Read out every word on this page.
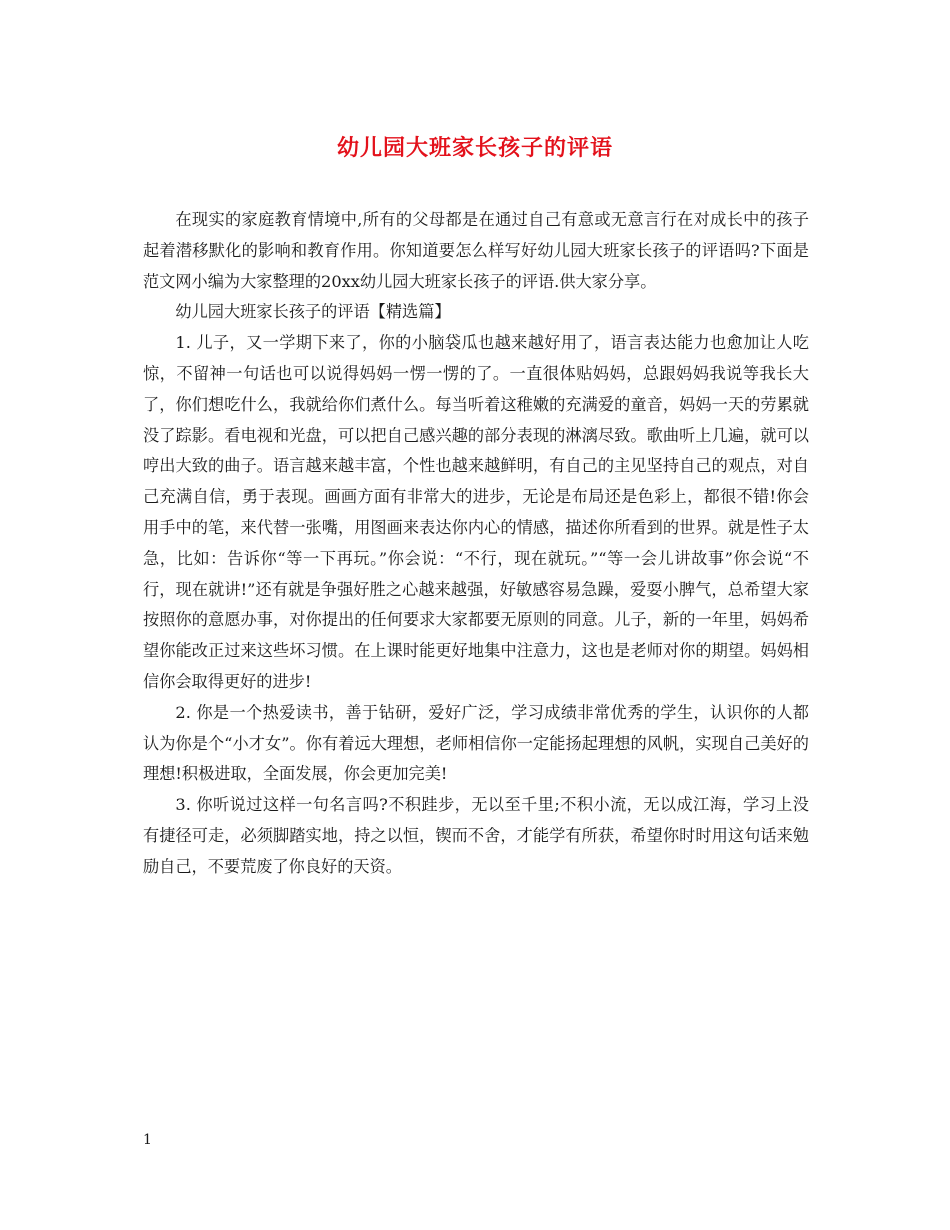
幼儿园大班家长孩子的评语

在现实的家庭教育情境中,所有的父母都是在通过自己有意或无意言行在对成长中的孩子起着潜移默化的影响和教育作用。你知道要怎么样写好幼儿园大班家长孩子的评语吗?下面是范文网小编为大家整理的20xx幼儿园大班家长孩子的评语.供大家分享。

幼儿园大班家长孩子的评语【精选篇】

1. 儿子，又一学期下来了，你的小脑袋瓜也越来越好用了，语言表达能力也愈加让人吃惊，不留神一句话也可以说得妈妈一愣一愣的了。一直很体贴妈妈，总跟妈妈我说等我长大了，你们想吃什么，我就给你们煮什么。每当听着这稚嫩的充满爱的童音，妈妈一天的劳累就没了踪影。看电视和光盘，可以把自己感兴趣的部分表现的淋漓尽致。歌曲听上几遍，就可以哼出大致的曲子。语言越来越丰富，个性也越来越鲜明，有自己的主见坚持自己的观点，对自己充满自信，勇于表现。画画方面有非常大的进步，无论是布局还是色彩上，都很不错!你会用手中的笔，来代替一张嘴，用图画来表达你内心的情感，描述你所看到的世界。就是性子太急，比如：告诉你“等一下再玩。”你会说：“不行，现在就玩。”“等一会儿讲故事”你会说“不行，现在就讲!”还有就是争强好胜之心越来越强，好敏感容易急躁，爱耍小脾气，总希望大家按照你的意愿办事，对你提出的任何要求大家都要无原则的同意。儿子，新的一年里，妈妈希望你能改正过来这些坏习惯。在上课时能更好地集中注意力，这也是老师对你的期望。妈妈相信你会取得更好的进步!

2. 你是一个热爱读书，善于钻研，爱好广泛，学习成绩非常优秀的学生，认识你的人都认为你是个“小才女”。你有着远大理想，老师相信你一定能扬起理想的风帆，实现自己美好的理想!积极进取，全面发展，你会更加完美!

3. 你听说过这样一句名言吗?不积跬步，无以至千里;不积小流，无以成江海，学习上没有捷径可走，必须脚踏实地，持之以恒，锲而不舍，才能学有所获，希望你时时用这句话来勉励自己，不要荒废了你良好的天资。

1
